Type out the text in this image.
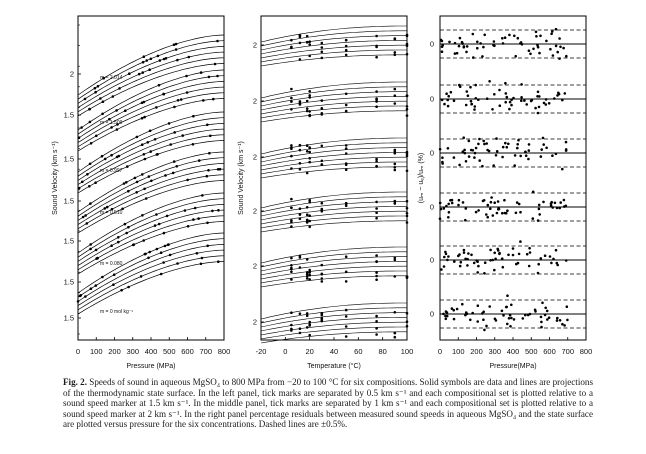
0 100 200 300 400 500 600 700 800
2
1.5
1.5
1.5
1.5
1.5
1.5
m = 2.014
m = 1.509
m = 0.997
m = 0.510
m = 0.080
m = 0 mol kg⁻¹
Pressure (MPa)
Sound Velocity (km s⁻¹)
-20 0 20 40 60 80 100
2
2
2
2
2
2
Temperature (°C)
Sound Velocity (km s⁻¹)
0 100 200 300 400 500 600 700 800
0
0
0
0
0
0
Pressure(MPa)
(uₘ − uₑ)/uₘ (%)
Fig. 2. Speeds of sound in aqueous MgSO₄ to 800 MPa from −20 to 100 °C for six compositions. Solid symbols are data and lines are projections of the thermodynamic state surface. In the left panel, tick marks are separated by 0.5 km s⁻¹ and each compositional set is plotted relative to a sound speed marker at 1.5 km s⁻¹. In the middle panel, tick marks are separated by 1 km s⁻¹ and each compositional set is plotted relative to a sound speed marker at 2 km s⁻¹. In the right panel percentage residuals between measured sound speeds in aqueous MgSO₄ and the state surface are plotted versus pressure for the six concentrations. Dashed lines are ±0.5%.
